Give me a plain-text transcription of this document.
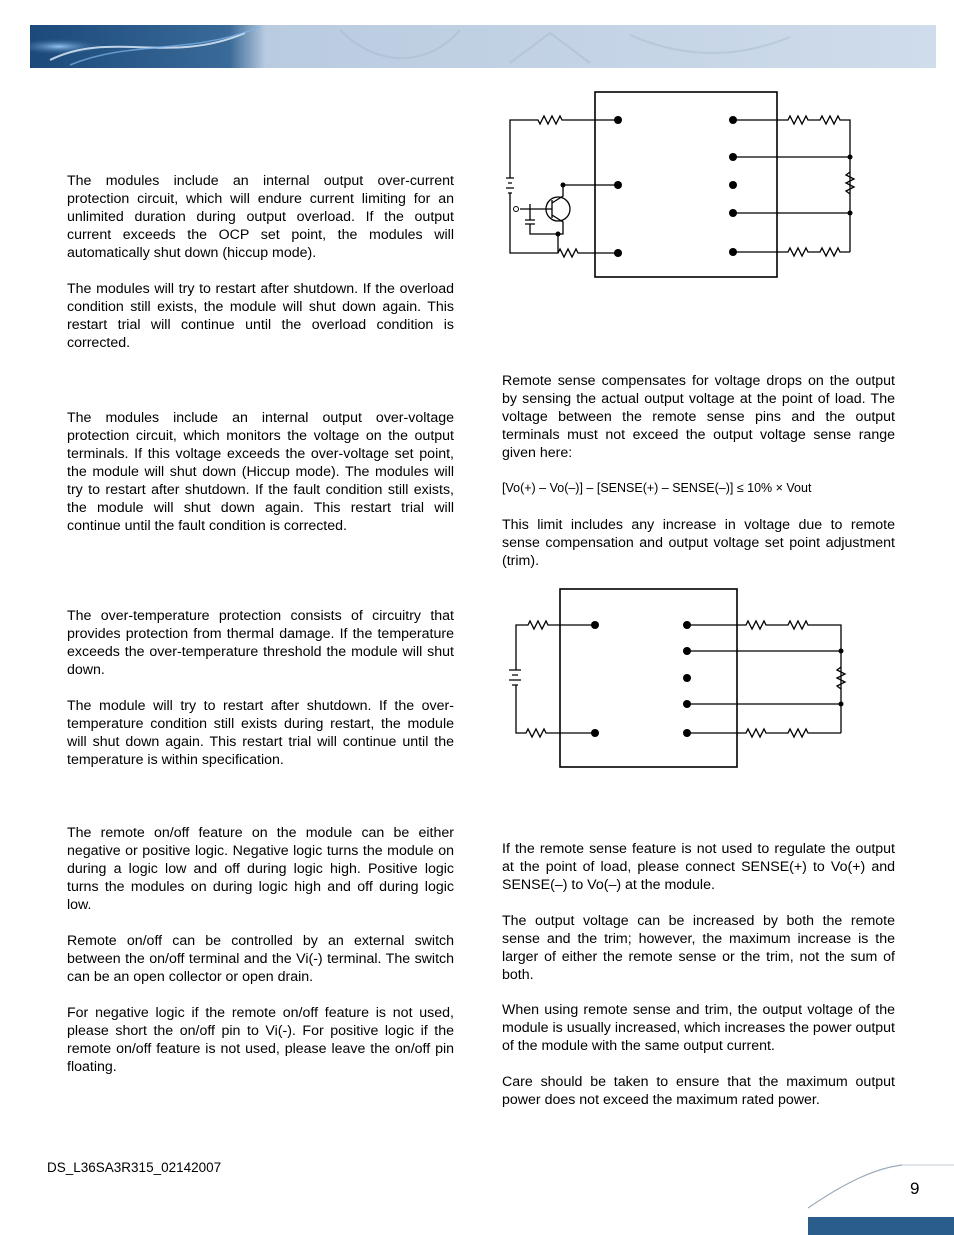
The modules include an internal output over-current protection circuit, which will endure current limiting for an unlimited duration during output overload. If the output current exceeds the OCP set point, the modules will automatically shut down (hiccup mode).

The modules will try to restart after shutdown. If the overload condition still exists, the module will shut down again. This restart trial will continue until the overload condition is corrected.

The modules include an internal output over-voltage protection circuit, which monitors the voltage on the output terminals. If this voltage exceeds the over-voltage set point, the module will shut down (Hiccup mode). The modules will try to restart after shutdown. If the fault condition still exists, the module will shut down again. This restart trial will continue until the fault condition is corrected.

The over-temperature protection consists of circuitry that provides protection from thermal damage. If the temperature exceeds the over-temperature threshold the module will shut down.

The module will try to restart after shutdown. If the over-temperature condition still exists during restart, the module will shut down again. This restart trial will continue until the temperature is within specification.

The remote on/off feature on the module can be either negative or positive logic. Negative logic turns the module on during a logic low and off during logic high. Positive logic turns the modules on during logic high and off during logic low.

Remote on/off can be controlled by an external switch between the on/off terminal and the Vi(-) terminal. The switch can be an open collector or open drain.

For negative logic if the remote on/off feature is not used, please short the on/off pin to Vi(-). For positive logic if the remote on/off feature is not used, please leave the on/off pin floating.

Remote sense compensates for voltage drops on the output by sensing the actual output voltage at the point of load. The voltage between the remote sense pins and the output terminals must not exceed the output voltage sense range given here:

[Vo(+) – Vo(–)] – [SENSE(+) – SENSE(–)] ≤ 10% × Vout

This limit includes any increase in voltage due to remote sense compensation and output voltage set point adjustment (trim).

If the remote sense feature is not used to regulate the output at the point of load, please connect SENSE(+) to Vo(+) and SENSE(–) to Vo(–) at the module.

The output voltage can be increased by both the remote sense and the trim; however, the maximum increase is the larger of either the remote sense or the trim, not the sum of both.

When using remote sense and trim, the output voltage of the module is usually increased, which increases the power output of the module with the same output current.

Care should be taken to ensure that the maximum output power does not exceed the maximum rated power.

DS_L36SA3R315_02142007
9
